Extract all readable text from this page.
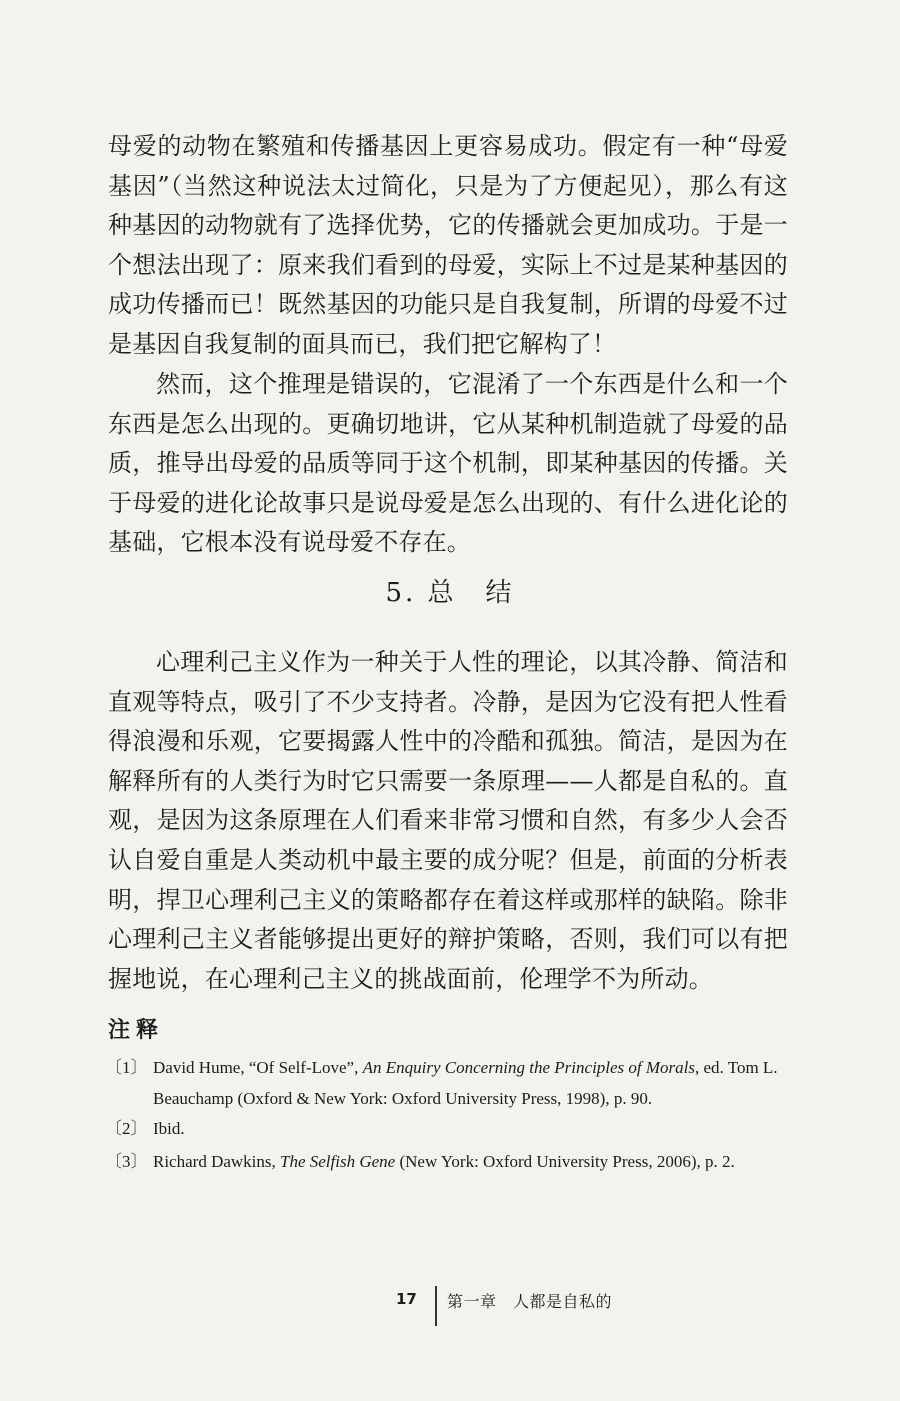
母爱的动物在繁殖和传播基因上更容易成功。假定有一种“母爱基因”（当然这种说法太过简化，只是为了方便起见），那么有这种基因的动物就有了选择优势，它的传播就会更加成功。于是一个想法出现了：原来我们看到的母爱，实际上不过是某种基因的成功传播而已！既然基因的功能只是自我复制，所谓的母爱不过是基因自我复制的面具而已，我们把它解构了！

然而，这个推理是错误的，它混淆了一个东西是什么和一个东西是怎么出现的。更确切地讲，它从某种机制造就了母爱的品质，推导出母爱的品质等同于这个机制，即某种基因的传播。关于母爱的进化论故事只是说母爱是怎么出现的、有什么进化论的基础，它根本没有说母爱不存在。

5. 总　结

心理利己主义作为一种关于人性的理论，以其冷静、简洁和直观等特点，吸引了不少支持者。冷静，是因为它没有把人性看得浪漫和乐观，它要揭露人性中的冷酷和孤独。简洁，是因为在解释所有的人类行为时它只需要一条原理——人都是自私的。直观，是因为这条原理在人们看来非常习惯和自然，有多少人会否认自爱自重是人类动机中最主要的成分呢？但是，前面的分析表明，捍卫心理利己主义的策略都存在着这样或那样的缺陷。除非心理利己主义者能够提出更好的辩护策略，否则，我们可以有把握地说，在心理利己主义的挑战面前，伦理学不为所动。

注释
〔1〕 David Hume, “Of Self-Love”, An Enquiry Concerning the Principles of Morals, ed. Tom L. Beauchamp (Oxford & New York: Oxford University Press, 1998), p. 90.
〔2〕 Ibid.
〔3〕 Richard Dawkins, The Selfish Gene (New York: Oxford University Press, 2006), p. 2.
17 第一章　人都是自私的
